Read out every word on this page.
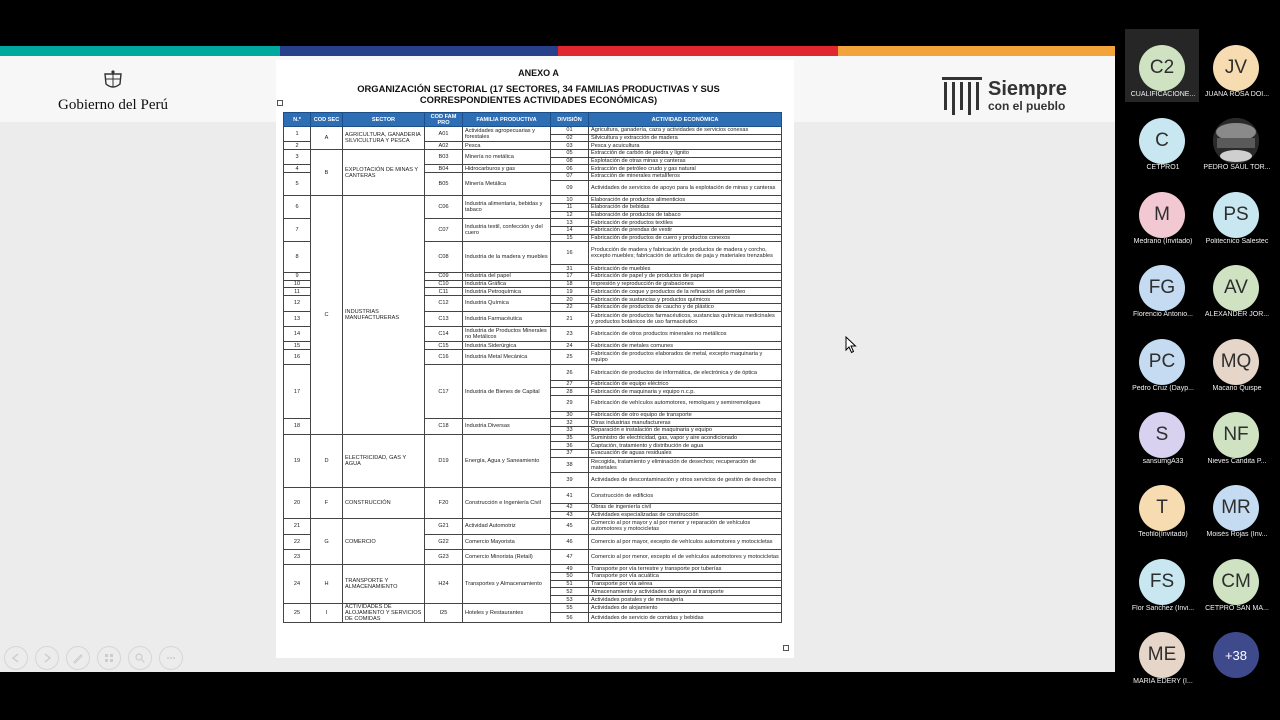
Gobierno del Perú
Siempre
con el pueblo
ANEXO A
ORGANIZACIÓN SECTORIAL (17 SECTORES, 34 FAMILIAS PRODUCTIVAS Y SUS CORRESPONDIENTES ACTIVIDADES ECONÓMICAS)
N.º	COD SEC	SECTOR	COD FAM PRO	FAMILIA PRODUCTIVA	DIVISIÓN	ACTIVIDAD ECONÓMICA
1	A	AGRICULTURA, GANADERIA SILVICULTURA Y PESCA	A01	Actividades agropecuarias y forestales	01	Agricultura, ganadería, caza y actividades de servicios conexas
					02	Silvicultura y extracción de madera
2			A02	Pesca	03	Pesca y acuicultura
3	B	EXPLOTACIÓN DE MINAS Y CANTERAS	B03	Minería no metálica	05	Extracción de carbón de piedra y lignito
					08	Explotación de otras minas y canteras
4			B04	Hidrocarburos y gas	06	Extracción de petróleo crudo y gas natural
5			B05	Minería Metálica	07	Extracción de minerales metalíferos
					09	Actividades de servicios de apoyo para la explotación de minas y canteras
6	C	INDUSTRIAS MANUFACTURERAS	C06	Industria alimentaria, bebidas y tabaco	10	Elaboración de productos alimenticios
					11	Elaboración de bebidas
					12	Elaboración de productos de tabaco
7			C07	Industria textil, confección y del cuero	13	Fabricación de productos textiles
					14	Fabricación de prendas de vestir
					15	Fabricación de productos de cuero y productos conexos
8			C08	Industria de la madera y muebles	16	Producción de madera y fabricación de productos de madera y corcho, excepto muebles; fabricación de artículos de paja y materiales trenzables
					31	Fabricación de muebles
9			C09	Industria del papel	17	Fabricación de papel y de productos de papel
10			C10	Industria Gráfica	18	Impresión y reproducción de grabaciones
11			C11	Industria Petroquímica	19	Fabricación de coque y productos de la refinación del petróleo
12			C12	Industria Química	20	Fabricación de sustancias y productos químicos
					22	Fabricación de productos de caucho y de plástico
13			C13	Industria Farmacéutica	21	Fabricación de productos farmacéuticos, sustancias químicas medicinales y productos botánicos de uso farmacéutico
14			C14	Industria de Productos Minerales no Metálicos	23	Fabricación de otros productos minerales no metálicos
15			C15	Industria Siderúrgica	24	Fabricación de metales comunes
16			C16	Industria Metal Mecánica	25	Fabricación de productos elaborados de metal, excepto maquinaria y equipo
17			C17	Industria de Bienes de Capital	26	Fabricación de productos de informática, de electrónica y de óptica
					27	Fabricación de equipo eléctrico
					28	Fabricación de maquinaria y equipo n.c.p.
					29	Fabricación de vehículos automotores, remolques y semirremolques
					30	Fabricación de otro equipo de transporte
18			C18	Industria Diversas	32	Otras industrias manufactureras
					33	Reparación e instalación de maquinaria y equipo
19	D	ELECTRICIDAD, GAS Y AGUA	D19	Energía, Agua y Saneamiento	35	Suministro de electricidad, gas, vapor y aire acondicionado
					36	Captación, tratamiento y distribución de agua
					37	Evacuación de aguas residuales
					38	Recogida, tratamiento y eliminación de desechos; recuperación de materiales
					39	Actividades de descontaminación y otros servicios de gestión de desechos
20	F	CONSTRUCCIÓN	F20	Construcción e Ingeniería Civil	41	Construcción de edificios
					42	Obras de ingeniería civil
					43	Actividades especializadas de construcción
21	G	COMERCIO	G21	Actividad Automotriz	45	Comercio al por mayor y al por menor y reparación de vehículos automotores y motocicletas
22			G22	Comercio Mayorista	46	Comercio al por mayor, excepto de vehículos automotores y motocicletas
23			G23	Comercio Minorista (Retail)	47	Comercio al por menor, excepto el de vehículos automotores y motocicletas
24	H	TRANSPORTE Y ALMACENAMIENTO	H24	Transportes y Almacenamiento	49	Transporte por vía terrestre y transporte por tuberías
					50	Transporte por vía acuática
					51	Transporte por vía aérea
					52	Almacenamiento y actividades de apoyo al transporte
					53	Actividades postales y de mensajería
25	I	ACTIVIDADES DE ALOJAMIENTO Y SERVICIOS DE COMIDAS	I25	Hoteles y Restaurantes	55	Actividades de alojamiento
					56	Actividades de servicio de comidas y bebidas
C2
CUALIFICACIONE...
JV
JUANA ROSA DOI...
C
CETPRO1	PEDRO SAUL TOR...
M
Medrano (Invitado)
PS
Politecnico Salestec
FG
Florencio Antonio...
AV
ALEXANDER JOR...
PC
Pedro Cruz (Dayp...
MQ
Macario Quispe
S
sansumgA33
NF
Nieves Candita P...
T
Teofilo(Invitado)
MR
Moisés Rojas (Inv...
FS
Flor Sanchez (Invi...
CM
CETPRO SAN MA...
ME
MARIA EDERY (I...
+38
